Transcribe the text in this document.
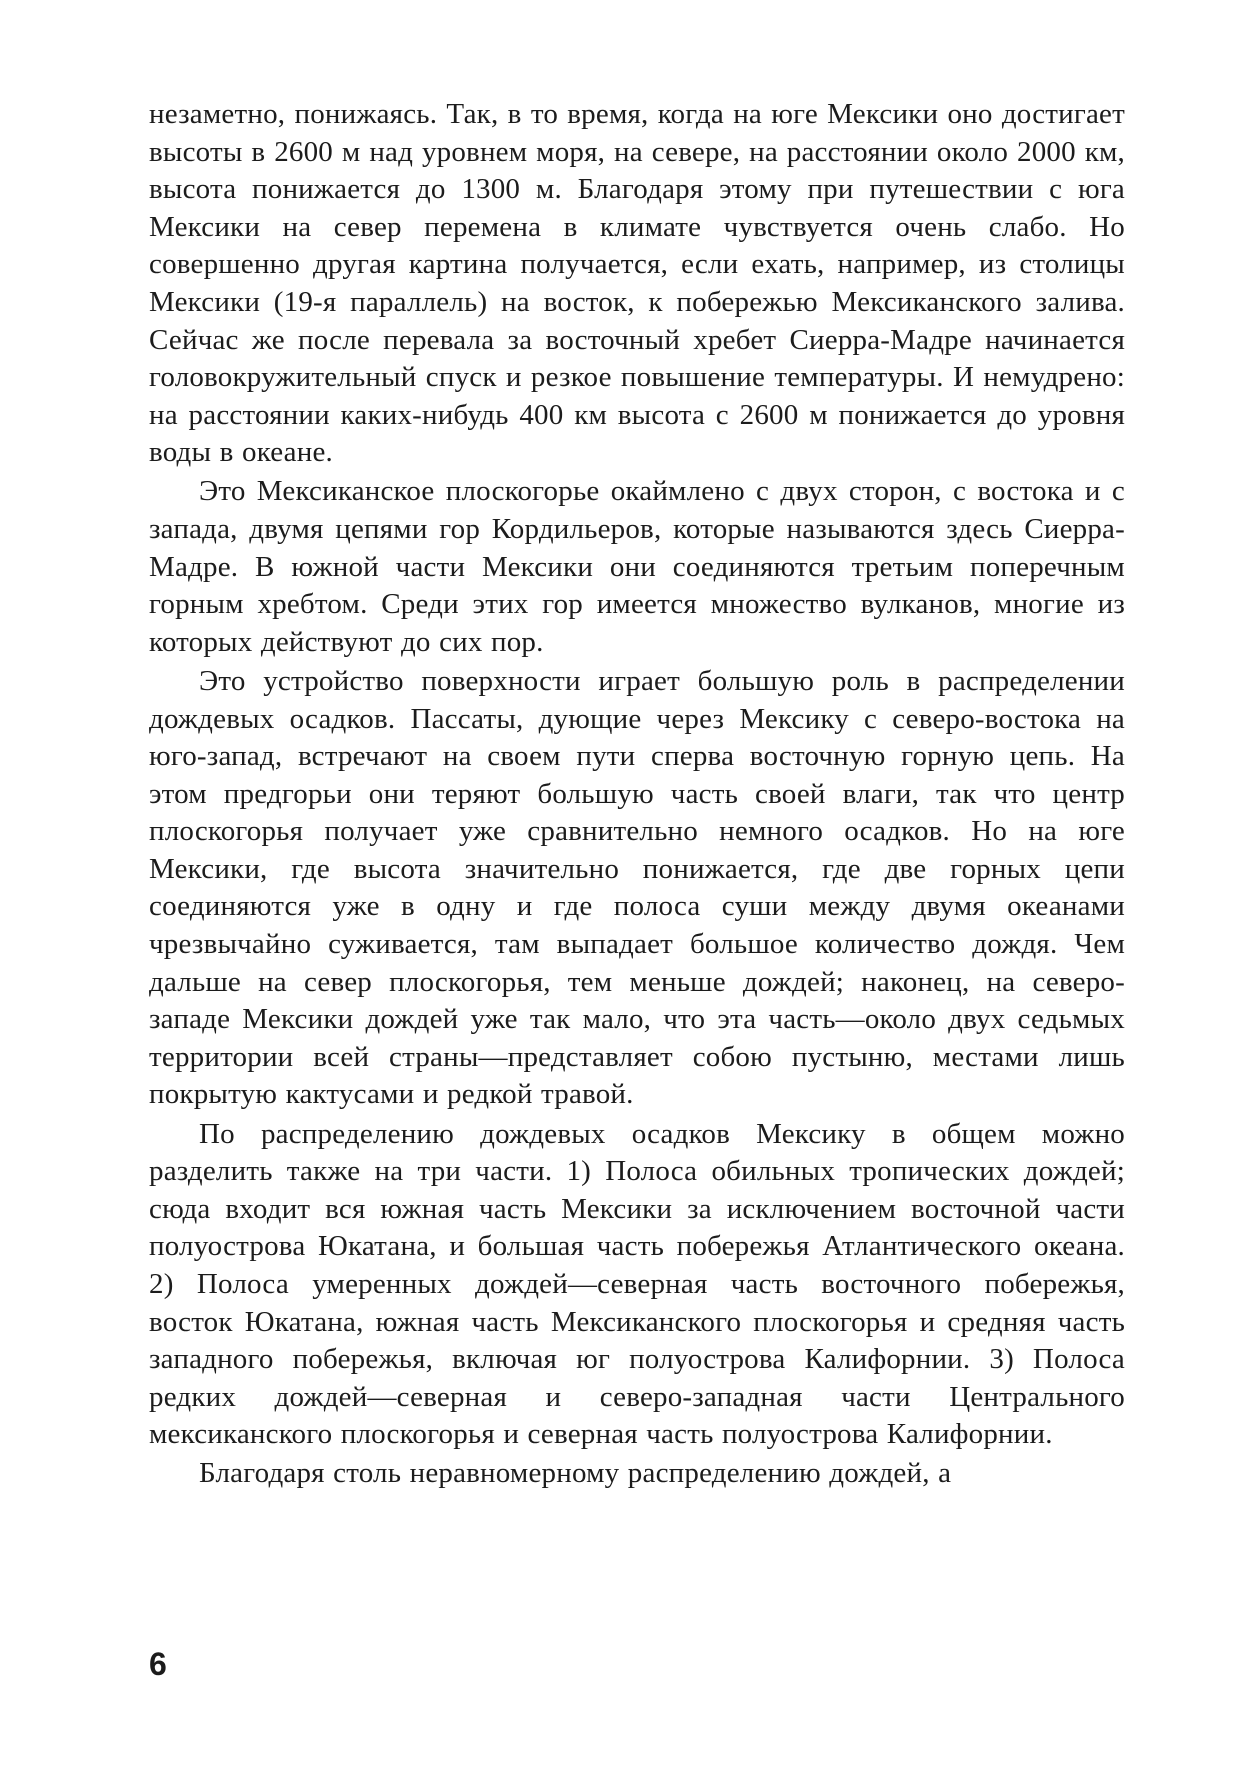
незаметно, понижаясь. Так, в то время, когда на юге Мексики оно достигает высоты в 2600 м над уровнем моря, на севере, на расстоянии около 2000 км, высота понижается до 1300 м. Благодаря этому при путешествии с юга Мексики на север перемена в климате чувствуется очень слабо. Но совершенно другая картина получается, если ехать, например, из столицы Мексики (19-я параллель) на восток, к побережью Мексиканского залива. Сейчас же после перевала за восточный хребет Сиерра-Мадре начинается головокружительный спуск и резкое повышение температуры. И немудрено: на расстоянии каких-нибудь 400 км высота с 2600 м понижается до уровня воды в океане.

Это Мексиканское плоскогорье окаймлено с двух сторон, с востока и с запада, двумя цепями гор Кордильеров, которые называются здесь Сиерра-Мадре. В южной части Мексики они соединяются третьим поперечным горным хребтом. Среди этих гор имеется множество вулканов, многие из которых действуют до сих пор.

Это устройство поверхности играет большую роль в распределении дождевых осадков. Пассаты, дующие через Мексику с северо-востока на юго-запад, встречают на своем пути сперва восточную горную цепь. На этом предгорьи они теряют большую часть своей влаги, так что центр плоскогорья получает уже сравнительно немного осадков. Но на юге Мексики, где высота значительно понижается, где две горных цепи соединяются уже в одну и где полоса суши между двумя океанами чрезвычайно суживается, там выпадает большое количество дождя. Чем дальше на север плоскогорья, тем меньше дождей; наконец, на северо-западе Мексики дождей уже так мало, что эта часть—около двух седьмых территории всей страны—представляет собою пустыню, местами лишь покрытую кактусами и редкой травой.

По распределению дождевых осадков Мексику в общем можно разделить также на три части. 1) Полоса обильных тропических дождей; сюда входит вся южная часть Мексики за исключением восточной части полуострова Юкатана, и большая часть побережья Атлантического океана. 2) Полоса умеренных дождей—северная часть восточного побережья, восток Юкатана, южная часть Мексиканского плоскогорья и средняя часть западного побережья, включая юг полуострова Калифорнии. 3) Полоса редких дождей—северная и северо-западная части Центрального мексиканского плоскогорья и северная часть полуострова Калифорнии.

Благодаря столь неравномерному распределению дождей, а

6
